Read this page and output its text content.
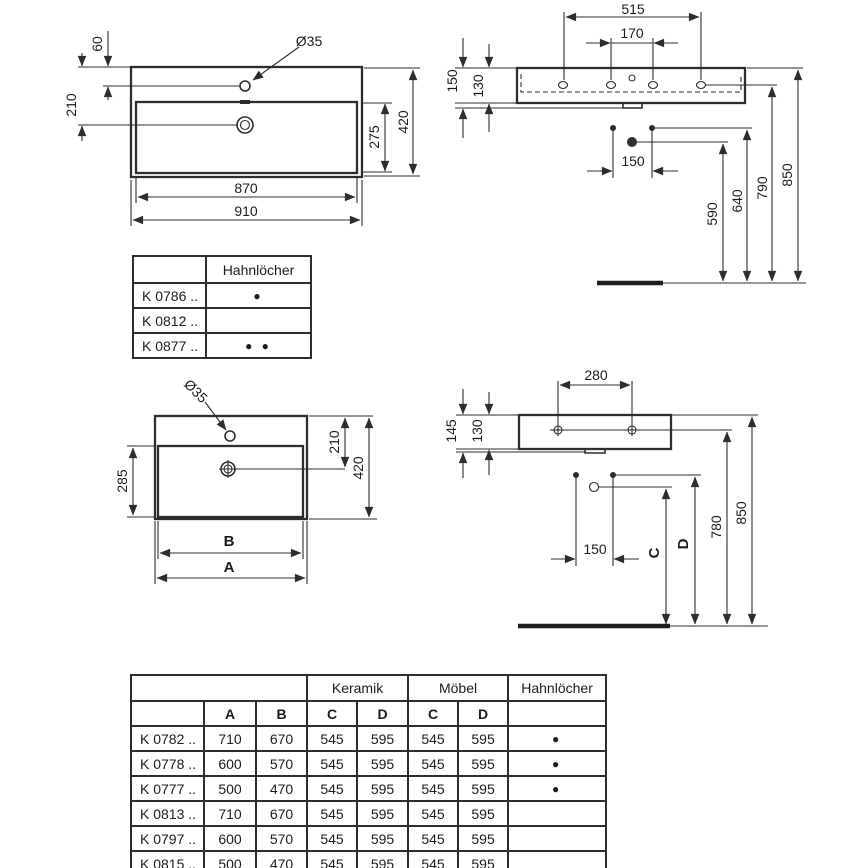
60
210
Ø35
275
420
870
910
515
170
150 130
150
590
640
790
850
Ø35
210
420
285
B
A
280
145 130
150	C
D
780
850
	Hahnlöcher
K 0786 ..	●
K 0812 ..	
K 0877 ..	● ●
			Keramik		Möbel		Hahnlöcher
	A	B	C	D	C	D	
K 0782 ..	710	670	545	595	545	595	●
K 0778 ..	600	570	545	595	545	595	●
K 0777 ..	500	470	545	595	545	595	●
K 0813 ..	710	670	545	595	545	595	
K 0797 ..	600	570	545	595	545	595	
K 0815 ..	500	470	545	595	545	595	
